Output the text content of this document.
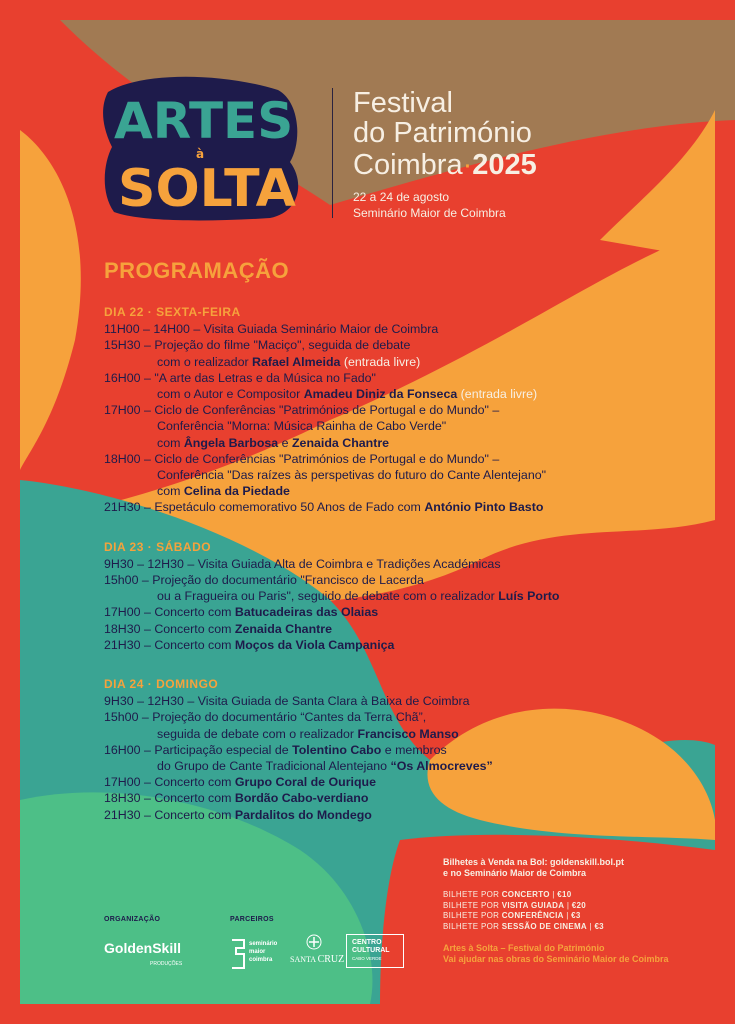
ARTES
à
SOLTA
Festival
do Património
Coimbra·2025
22 a 24 de agosto
Seminário Maior de Coimbra
PROGRAMAÇÃO
DIA 22 · SEXTA-FEIRA
11H00 – 14H00 – Visita Guiada Seminário Maior de Coimbra
15H30 – Projeção do filme "Maciço", seguida de debate
com o realizador Rafael Almeida (entrada livre)
16H00 – "A arte das Letras e da Música no Fado"
com o Autor e Compositor Amadeu Diniz da Fonseca (entrada livre)
17H00 – Ciclo de Conferências "Patrimónios de Portugal e do Mundo" –
Conferência "Morna: Música Rainha de Cabo Verde"
com Ângela Barbosa e Zenaida Chantre
18H00 – Ciclo de Conferências "Patrimónios de Portugal e do Mundo" –
Conferência "Das raízes às perspetivas do futuro do Cante Alentejano"
com Celina da Piedade
21H30 – Espetáculo comemorativo 50 Anos de Fado com António Pinto Basto
DIA 23 · SÁBADO
9H30 – 12H30 – Visita Guiada Alta de Coimbra e Tradições Académicas
15h00 – Projeção do documentário "Francisco de Lacerda
ou a Fragueira ou Paris", seguido de debate com o realizador Luís Porto
17H00 – Concerto com Batucadeiras das Olaias
18H30 – Concerto com Zenaida Chantre
21H30 – Concerto com Moços da Viola Campaniça
DIA 24 · DOMINGO
9H30 – 12H30 – Visita Guiada de Santa Clara à Baixa de Coimbra
15h00 – Projeção do documentário “Cantes da Terra Chã”,
seguida de debate com o realizador Francisco Manso
16H00 – Participação especial de Tolentino Cabo e membros
do Grupo de Cante Tradicional Alentejano “Os Almocreves”
17H00 – Concerto com Grupo Coral de Ourique
18H30 – Concerto com Bordão Cabo-verdiano
21H30 – Concerto com Pardalitos do Mondego
Bilhetes à Venda na Bol: goldenskill.bol.pt
e no Seminário Maior de Coimbra
BILHETE POR CONCERTO | €10
BILHETE POR VISITA GUIADA | €20
BILHETE POR CONFERÊNCIA | €3
BILHETE POR SESSÃO DE CINEMA | €3
Artes à Solta – Festival do Património
Vai ajudar nas obras do Seminário Maior de Coimbra
ORGANIZAÇÃO	PARCEIROS
GoldenSkill
PRODUÇÕES
seminário
maior
coimbra	SANTA CRUZ
CENTRO
CULTURAL
CABO VERDE
